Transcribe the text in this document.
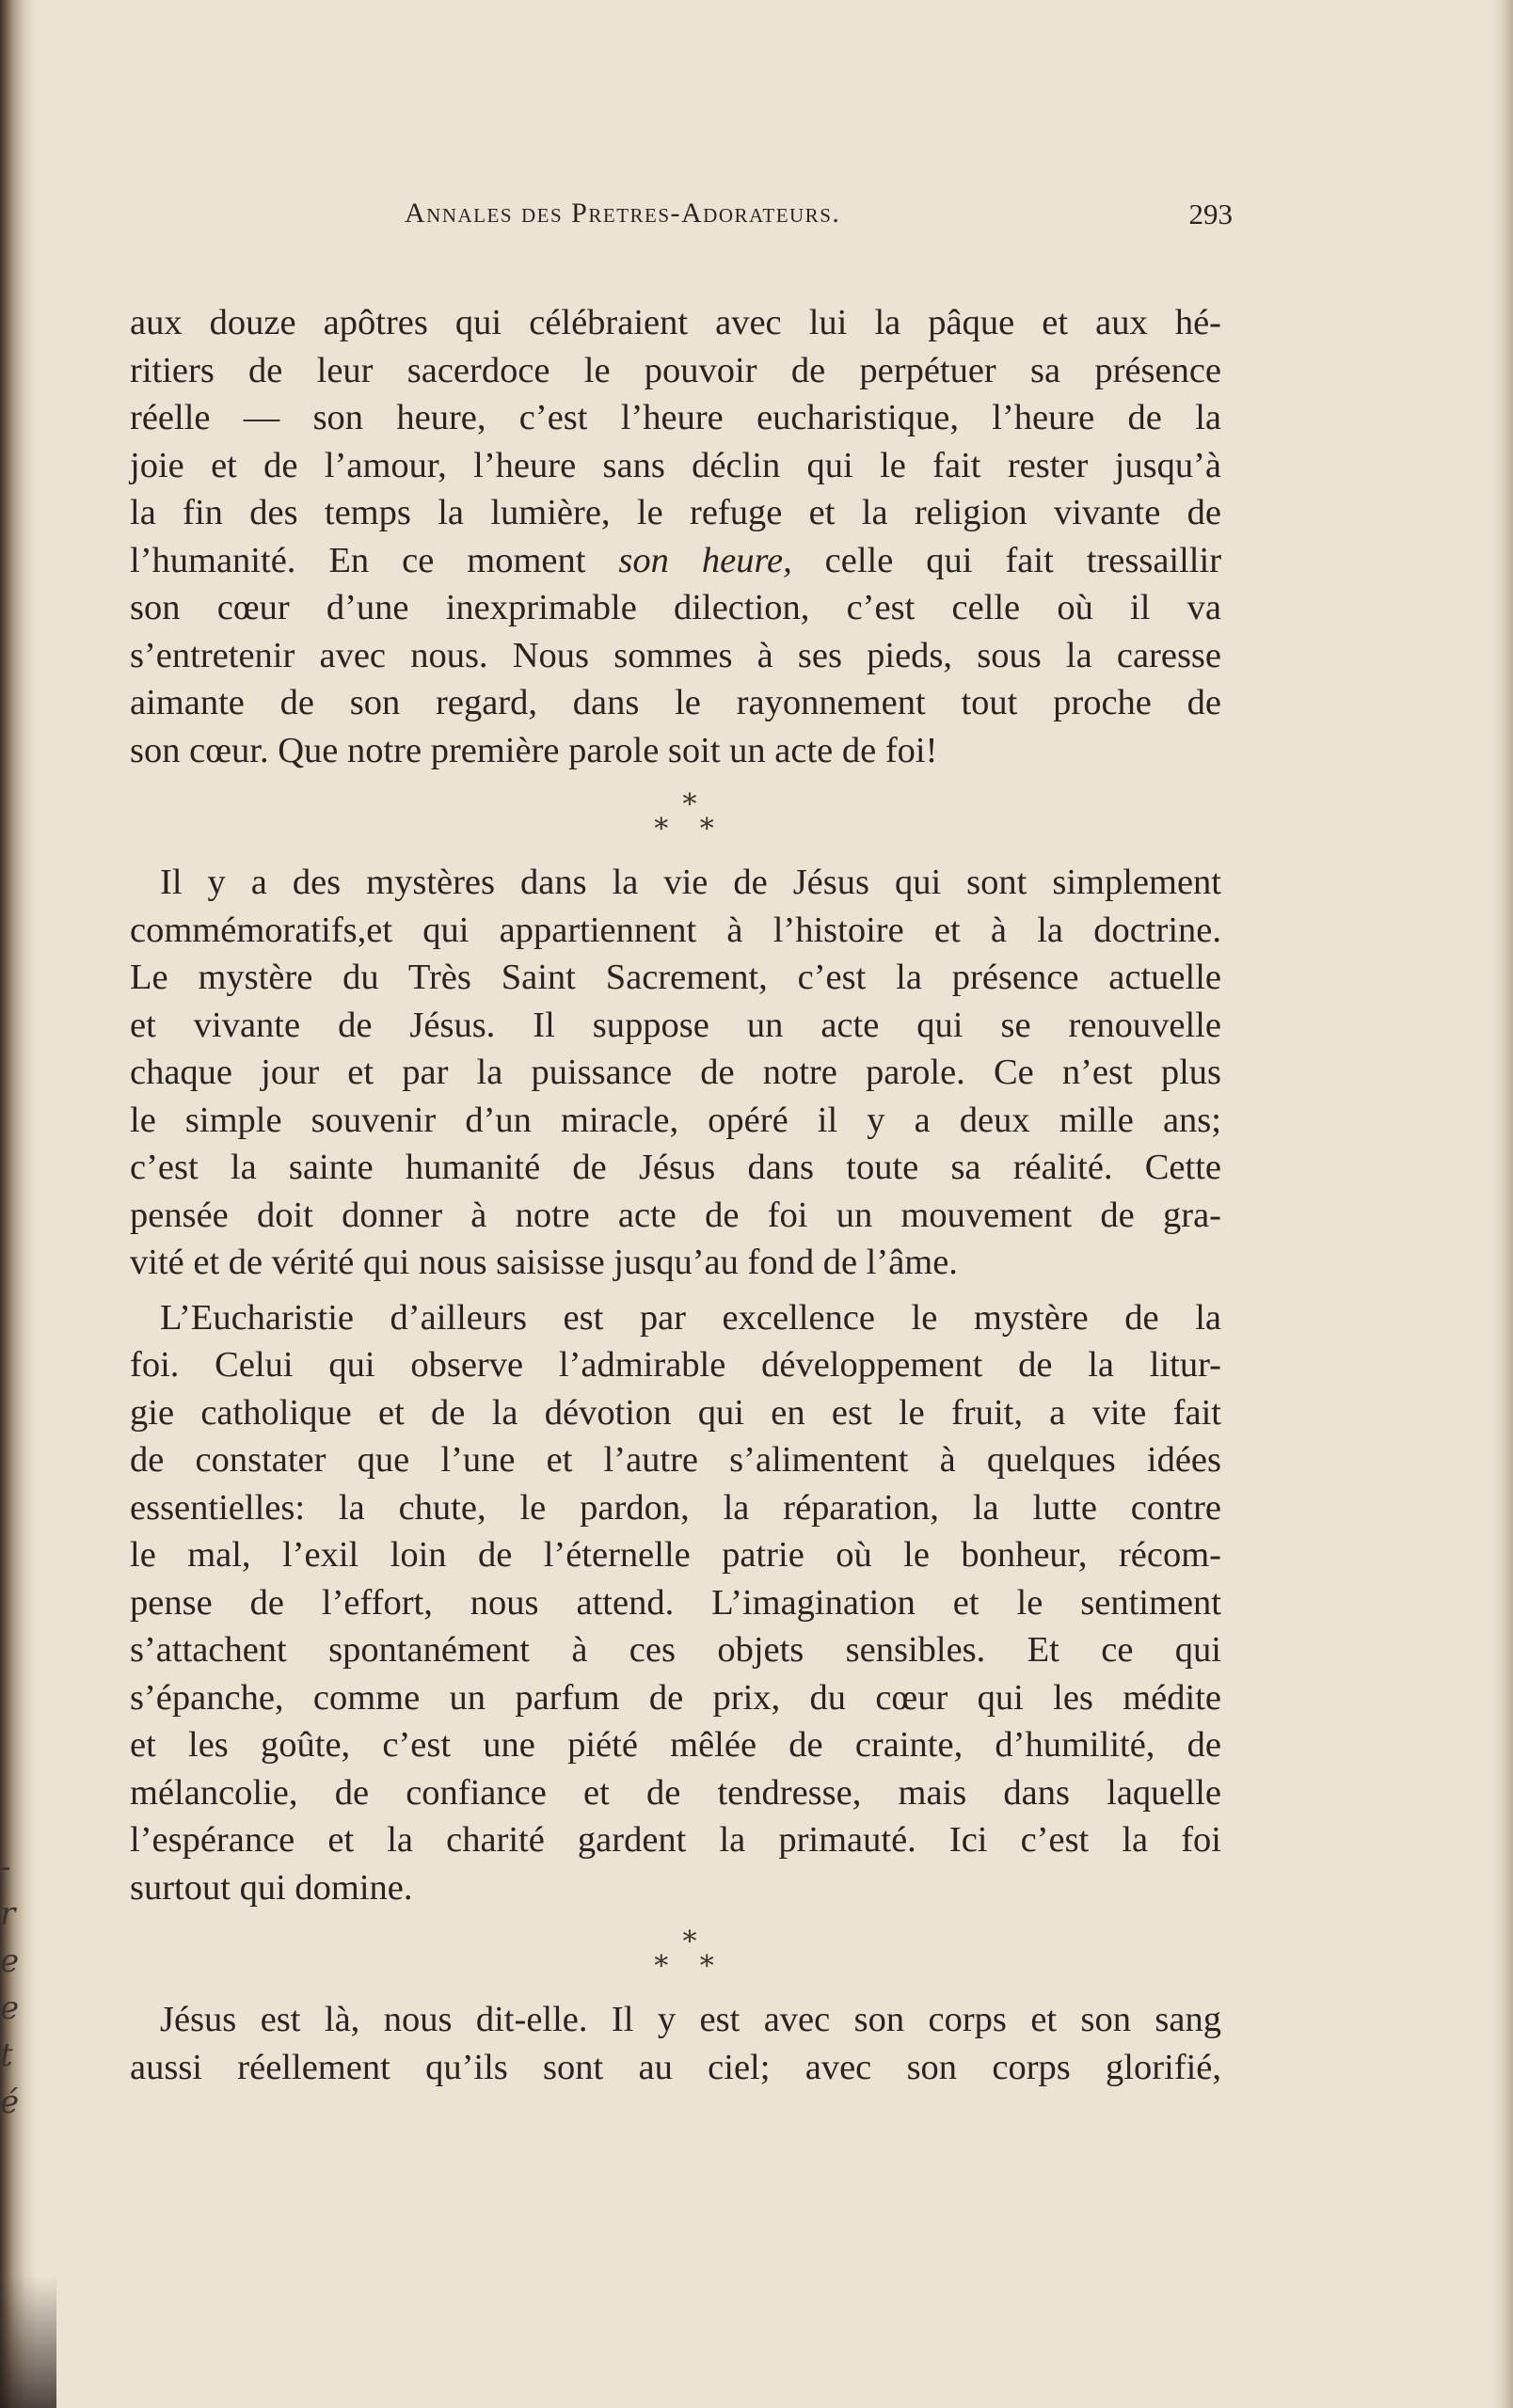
-
r
e
e
t
é
Annales des Pretres-Adorateurs.	293
aux douze apôtres qui célébraient avec lui la pâque et aux hé-
ritiers de leur sacerdoce le pouvoir de perpétuer sa présence
réelle — son heure, c’est l’heure eucharistique, l’heure de la
joie et de l’amour, l’heure sans déclin qui le fait rester jusqu’à
la fin des temps la lumière, le refuge et la religion vivante de
l’humanité. En ce moment son heure, celle qui fait tressaillir
son cœur d’une inexprimable dilection, c’est celle où il va
s’entretenir avec nous. Nous sommes à ses pieds, sous la caresse
aimante de son regard, dans le rayonnement tout proche de
son cœur. Que notre première parole soit un acte de foi!
*
* *
Il y a des mystères dans la vie de Jésus qui sont simplement
commémoratifs,et qui appartiennent à l’histoire et à la doctrine.
Le mystère du Très Saint Sacrement, c’est la présence actuelle
et vivante de Jésus. Il suppose un acte qui se renouvelle
chaque jour et par la puissance de notre parole. Ce n’est plus
le simple souvenir d’un miracle, opéré il y a deux mille ans;
c’est la sainte humanité de Jésus dans toute sa réalité. Cette
pensée doit donner à notre acte de foi un mouvement de gra-
vité et de vérité qui nous saisisse jusqu’au fond de l’âme.
L’Eucharistie d’ailleurs est par excellence le mystère de la
foi. Celui qui observe l’admirable développement de la litur-
gie catholique et de la dévotion qui en est le fruit, a vite fait
de constater que l’une et l’autre s’alimentent à quelques idées
essentielles: la chute, le pardon, la réparation, la lutte contre
le mal, l’exil loin de l’éternelle patrie où le bonheur, récom-
pense de l’effort, nous attend. L’imagination et le sentiment
s’attachent spontanément à ces objets sensibles. Et ce qui
s’épanche, comme un parfum de prix, du cœur qui les médite
et les goûte, c’est une piété mêlée de crainte, d’humilité, de
mélancolie, de confiance et de tendresse, mais dans laquelle
l’espérance et la charité gardent la primauté. Ici c’est la foi
surtout qui domine.
*
* *
Jésus est là, nous dit-elle. Il y est avec son corps et son sang
aussi réellement qu’ils sont au ciel; avec son corps glorifié,
